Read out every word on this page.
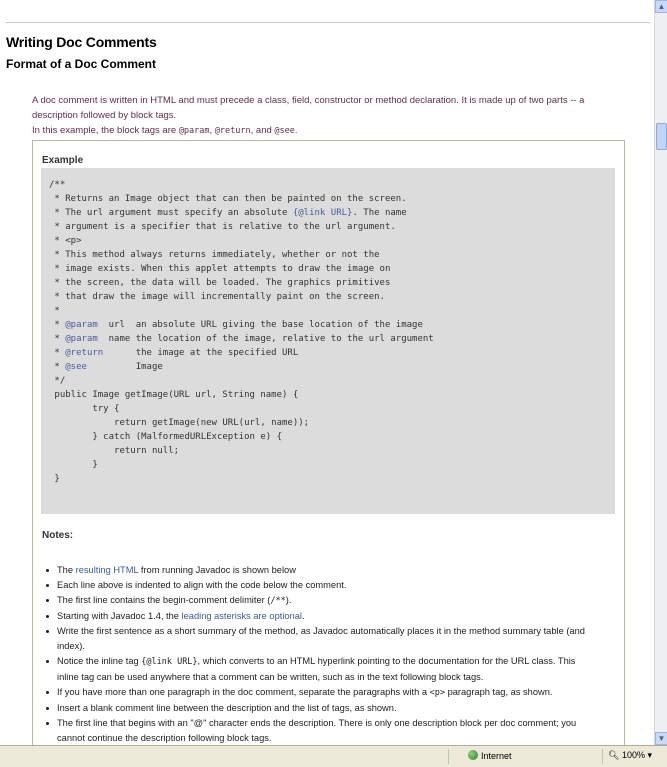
Writing Doc Comments
Format of a Doc Comment
A doc comment is written in HTML and must precede a class, field, constructor or method declaration. It is made up of two parts -- a description followed by block tags.
In this example, the block tags are @param, @return, and @see.
Example
/**
* Returns an Image object that can then be painted on the screen.
* The url argument must specify an absolute {@link URL}. The name
* argument is a specifier that is relative to the url argument.
* <p>
* This method always returns immediately, whether or not the
* image exists. When this applet attempts to draw the image on
* the screen, the data will be loaded. The graphics primitives
* that draw the image will incrementally paint on the screen.
*
* @param  url  an absolute URL giving the base location of the image
* @param  name the location of the image, relative to the url argument
* @return      the image at the specified URL
* @see         Image
*/
public Image getImage(URL url, String name) {
try {
return getImage(new URL(url, name));
} catch (MalformedURLException e) {
return null;
}
}
Notes:
The resulting HTML from running Javadoc is shown below
Each line above is indented to align with the code below the comment.
The first line contains the begin-comment delimiter (/**).
Starting with Javadoc 1.4, the leading asterisks are optional.
Write the first sentence as a short summary of the method, as Javadoc automatically places it in the method summary table (and index).
Notice the inline tag {@link URL}, which converts to an HTML hyperlink pointing to the documentation for the URL class. This inline tag can be used anywhere that a comment can be written, such as in the text following block tags.
If you have more than one paragraph in the doc comment, separate the paragraphs with a <p> paragraph tag, as shown.
Insert a blank comment line between the description and the list of tags, as shown.
The first line that begins with an "@" character ends the description. There is only one description block per doc comment; you cannot continue the description following block tags.
▲
▼
Internet	🔍︎ 100% ▾
